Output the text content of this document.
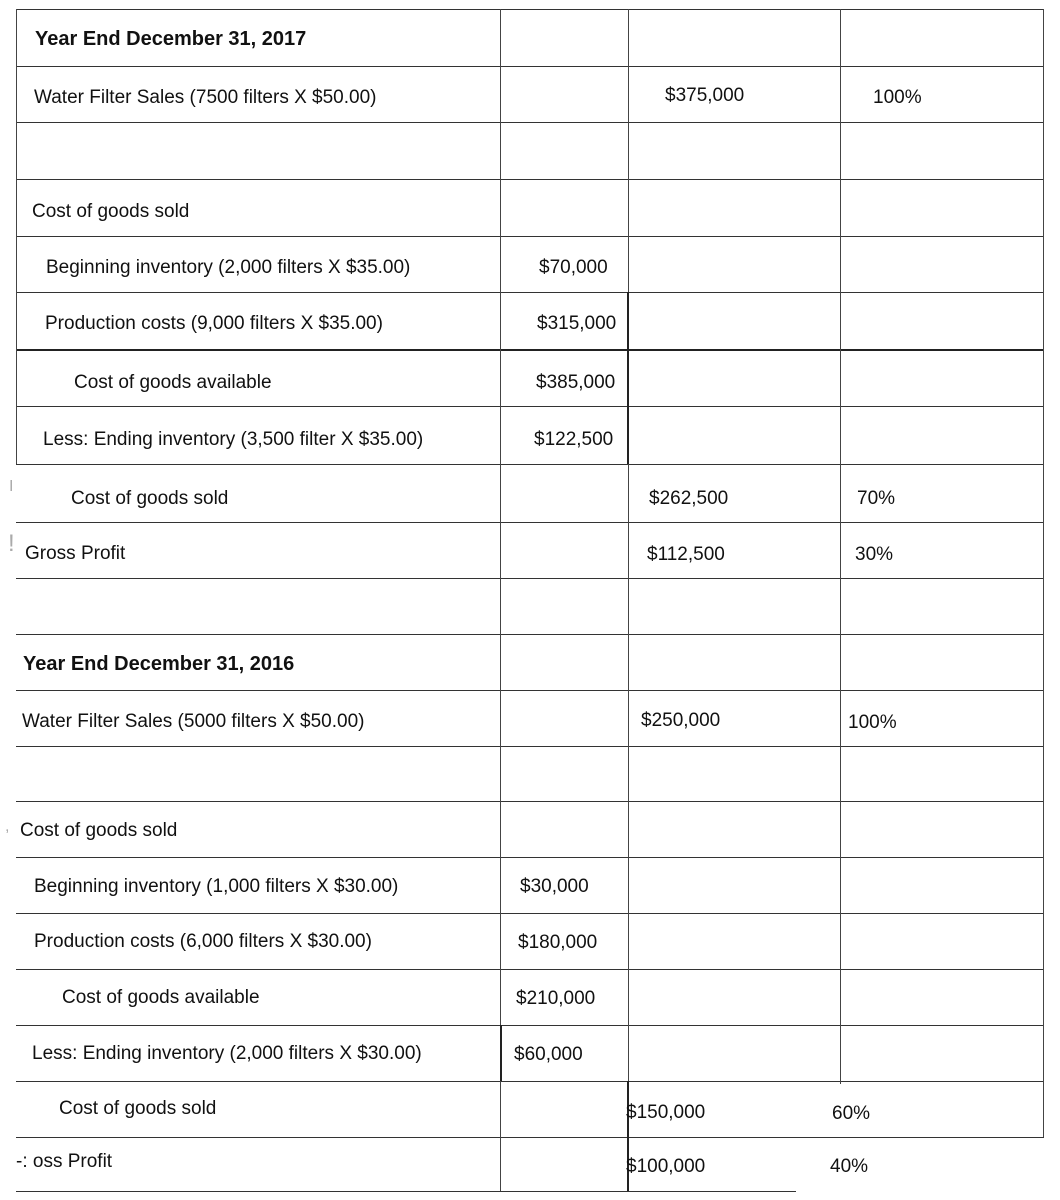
Year End December 31, 2017
Water Filter Sales (7500 filters X $50.00)	$375,000	100%
Cost of goods sold
Beginning inventory (2,000 filters X $35.00)	$70,000
Production costs (9,000 filters X $35.00)	$315,000
Cost of goods available	$385,000
Less: Ending inventory (3,500 filter X $35.00)	$122,500
Cost of goods sold	$262,500	70%
Gross Profit	$112,500	30%
Year End December 31, 2016
Water Filter Sales (5000 filters X $50.00)	$250,000	100%
Cost of goods sold
Beginning inventory (1,000 filters X $30.00)	$30,000
Production costs (6,000 filters X $30.00)	$180,000
Cost of goods available	$210,000
Less: Ending inventory (2,000 filters X $30.00)	$60,000
Cost of goods sold	$150,000	60%
-: oss Profit	$100,000	40%
I
!
,
